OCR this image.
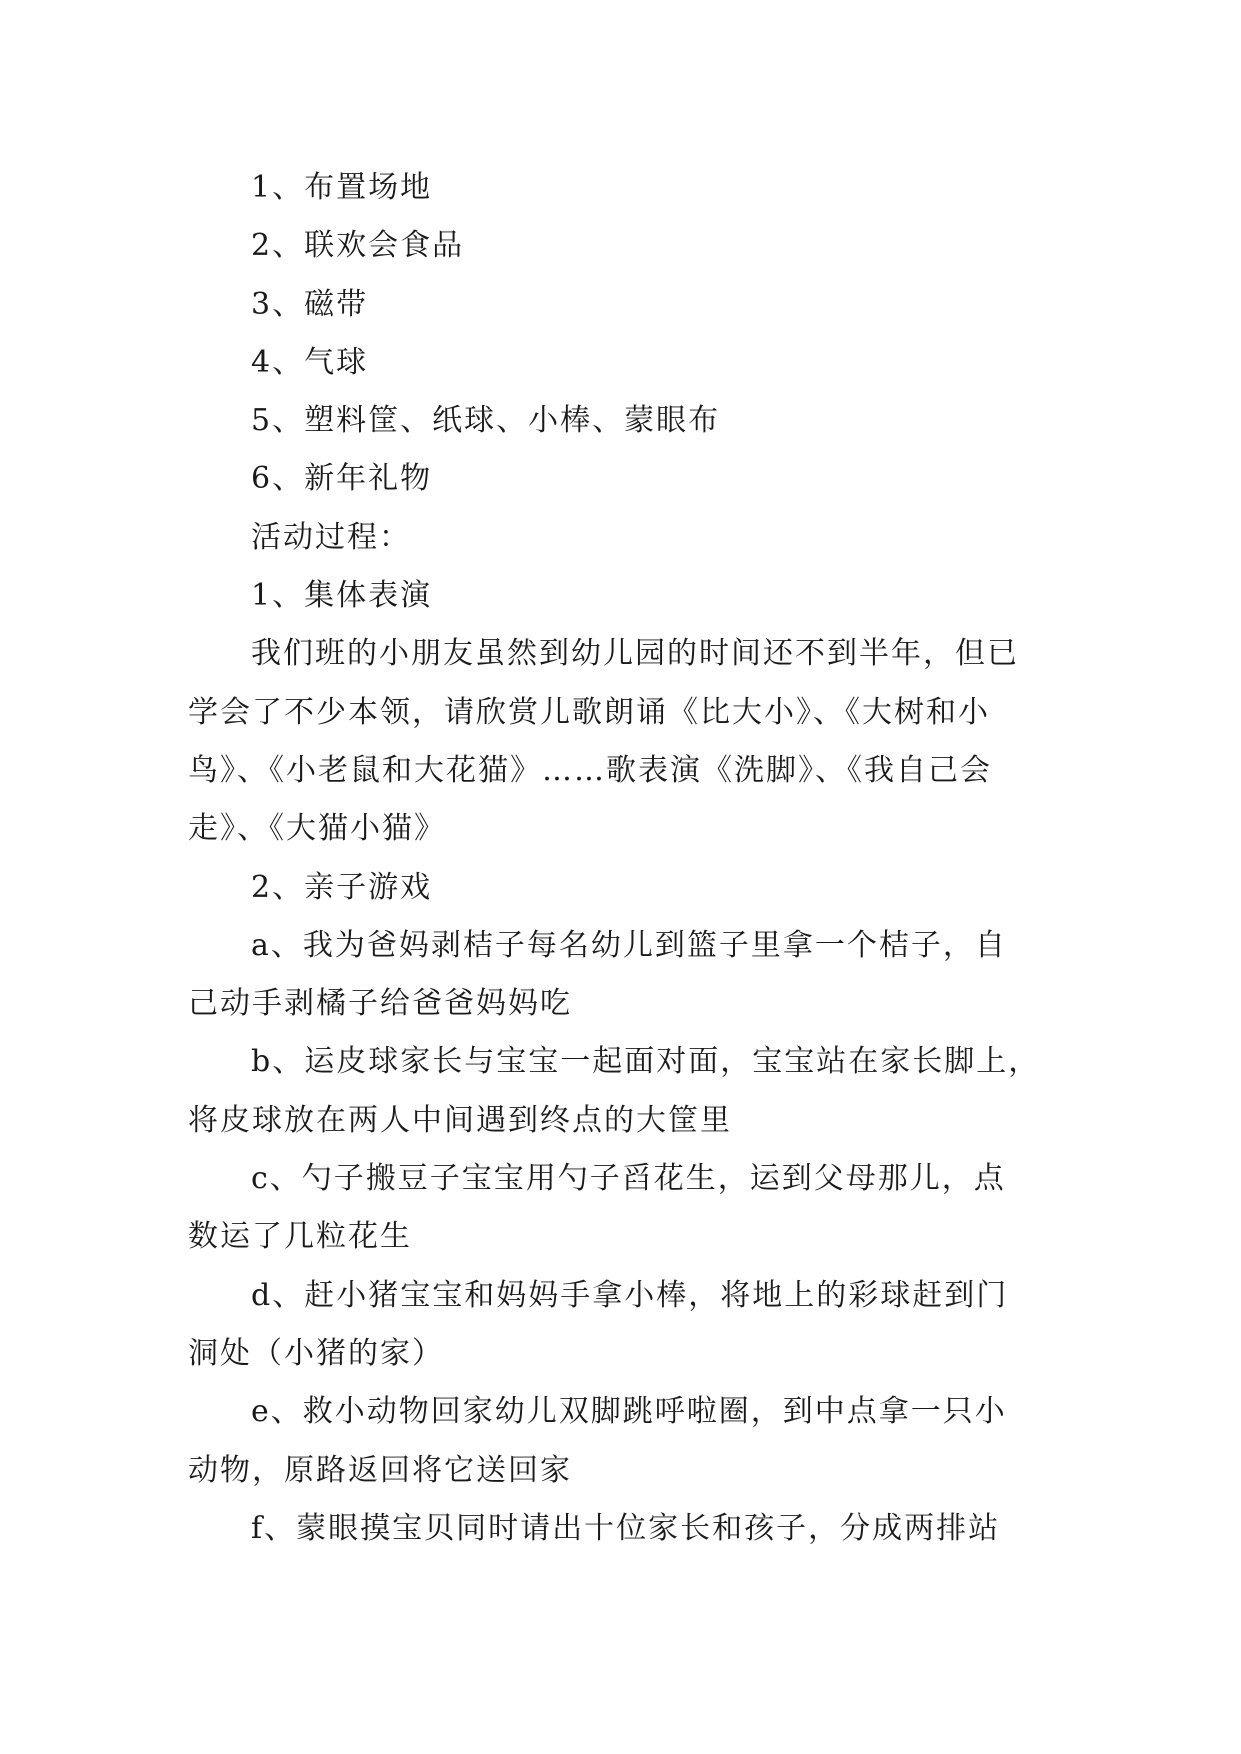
1、布置场地

2、联欢会食品

3、磁带

4、气球

5、塑料筐、纸球、小棒、蒙眼布

6、新年礼物

活动过程：

1、集体表演

我们班的小朋友虽然到幼儿园的时间还不到半年，但已

学会了不少本领，请欣赏儿歌朗诵《比大小》、《大树和小

鸟》、《小老鼠和大花猫》……歌表演《洗脚》、《我自己会

走》、《大猫小猫》

2、亲子游戏

a、我为爸妈剥桔子每名幼儿到篮子里拿一个桔子，自

己动手剥橘子给爸爸妈妈吃

b、运皮球家长与宝宝一起面对面，宝宝站在家长脚上，

将皮球放在两人中间遇到终点的大筐里

c、勺子搬豆子宝宝用勺子舀花生，运到父母那儿，点

数运了几粒花生

d、赶小猪宝宝和妈妈手拿小棒，将地上的彩球赶到门

洞处（小猪的家）

e、救小动物回家幼儿双脚跳呼啦圈，到中点拿一只小

动物，原路返回将它送回家

f、蒙眼摸宝贝同时请出十位家长和孩子，分成两排站
